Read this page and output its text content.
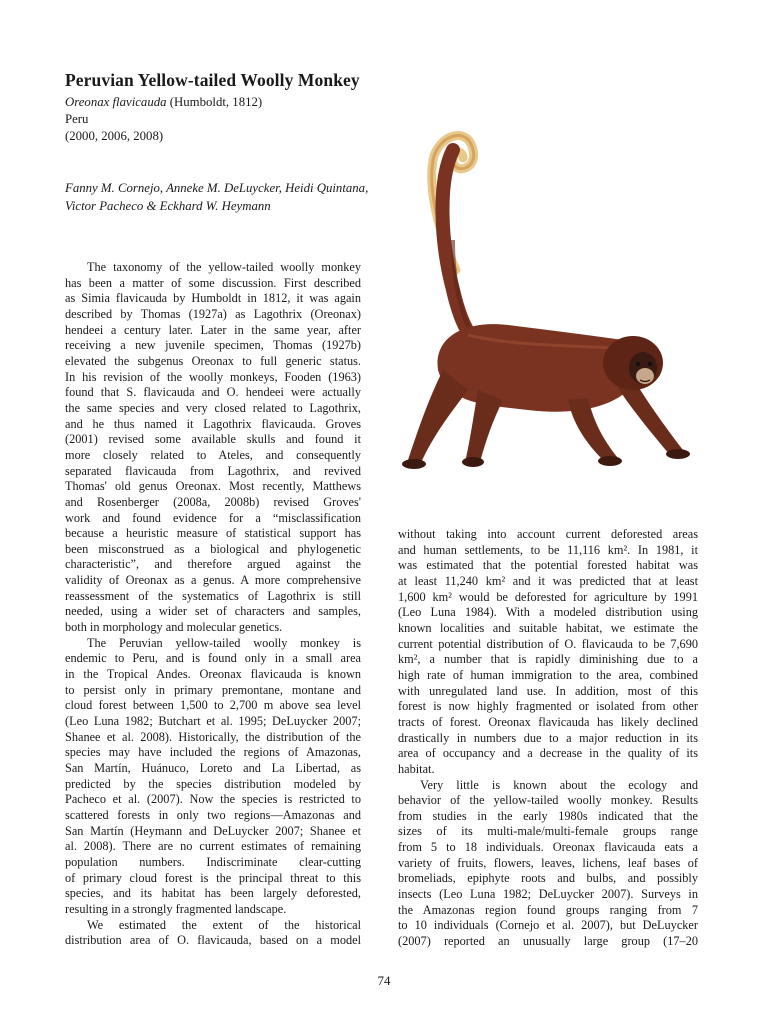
Peruvian Yellow-tailed Woolly Monkey
Oreonax flavicauda (Humboldt, 1812)
Peru
(2000, 2006, 2008)
Fanny M. Cornejo, Anneke M. DeLuycker, Heidi Quintana,
Victor Pacheco & Eckhard W. Heymann
The taxonomy of the yellow-tailed woolly monkey
has been a matter of some discussion. First described
as Simia flavicauda by Humboldt in 1812, it was again
described by Thomas (1927a) as Lagothrix (Oreonax)
hendeei a century later. Later in the same year, after
receiving a new juvenile specimen, Thomas (1927b)
elevated the subgenus Oreonax to full generic status.
In his revision of the woolly monkeys, Fooden (1963)
found that S. flavicauda and O. hendeei were actually
the same species and very closed related to Lagothrix,
and he thus named it Lagothrix flavicauda. Groves
(2001) revised some available skulls and found it
more closely related to Ateles, and consequently
separated flavicauda from Lagothrix, and revived
Thomas' old genus Oreonax. Most recently, Matthews
and Rosenberger (2008a, 2008b) revised Groves'
work and found evidence for a “misclassification
because a heuristic measure of statistical support has
been misconstrued as a biological and phylogenetic
characteristic”, and therefore argued against the
validity of Oreonax as a genus. A more comprehensive
reassessment of the systematics of Lagothrix is still
needed, using a wider set of characters and samples,
both in morphology and molecular genetics.
The Peruvian yellow-tailed woolly monkey is
endemic to Peru, and is found only in a small area
in the Tropical Andes. Oreonax flavicauda is known
to persist only in primary premontane, montane and
cloud forest between 1,500 to 2,700 m above sea level
(Leo Luna 1982; Butchart et al. 1995; DeLuycker 2007;
Shanee et al. 2008). Historically, the distribution of the
species may have included the regions of Amazonas,
San Martín, Huánuco, Loreto and La Libertad, as
predicted by the species distribution modeled by
Pacheco et al. (2007). Now the species is restricted to
scattered forests in only two regions—Amazonas and
San Martín (Heymann and DeLuycker 2007; Shanee et
al. 2008). There are no current estimates of remaining
population numbers. Indiscriminate clear-cutting
of primary cloud forest is the principal threat to this
species, and its habitat has been largely deforested,
resulting in a strongly fragmented landscape.
We estimated the extent of the historical
distribution area of O. flavicauda, based on a model
without taking into account current deforested areas
and human settlements, to be 11,116 km². In 1981, it
was estimated that the potential forested habitat was
at least 11,240 km² and it was predicted that at least
1,600 km² would be deforested for agriculture by 1991
(Leo Luna 1984). With a modeled distribution using
known localities and suitable habitat, we estimate the
current potential distribution of O. flavicauda to be 7,690
km², a number that is rapidly diminishing due to a
high rate of human immigration to the area, combined
with unregulated land use. In addition, most of this
forest is now highly fragmented or isolated from other
tracts of forest. Oreonax flavicauda has likely declined
drastically in numbers due to a major reduction in its
area of occupancy and a decrease in the quality of its
habitat.
Very little is known about the ecology and
behavior of the yellow-tailed woolly monkey. Results
from studies in the early 1980s indicated that the
sizes of its multi-male/multi-female groups range
from 5 to 18 individuals. Oreonax flavicauda eats a
variety of fruits, flowers, leaves, lichens, leaf bases of
bromeliads, epiphyte roots and bulbs, and possibly
insects (Leo Luna 1982; DeLuycker 2007). Surveys in
the Amazonas region found groups ranging from 7
to 10 individuals (Cornejo et al. 2007), but DeLuycker
(2007) reported an unusually large group (17–20
74
